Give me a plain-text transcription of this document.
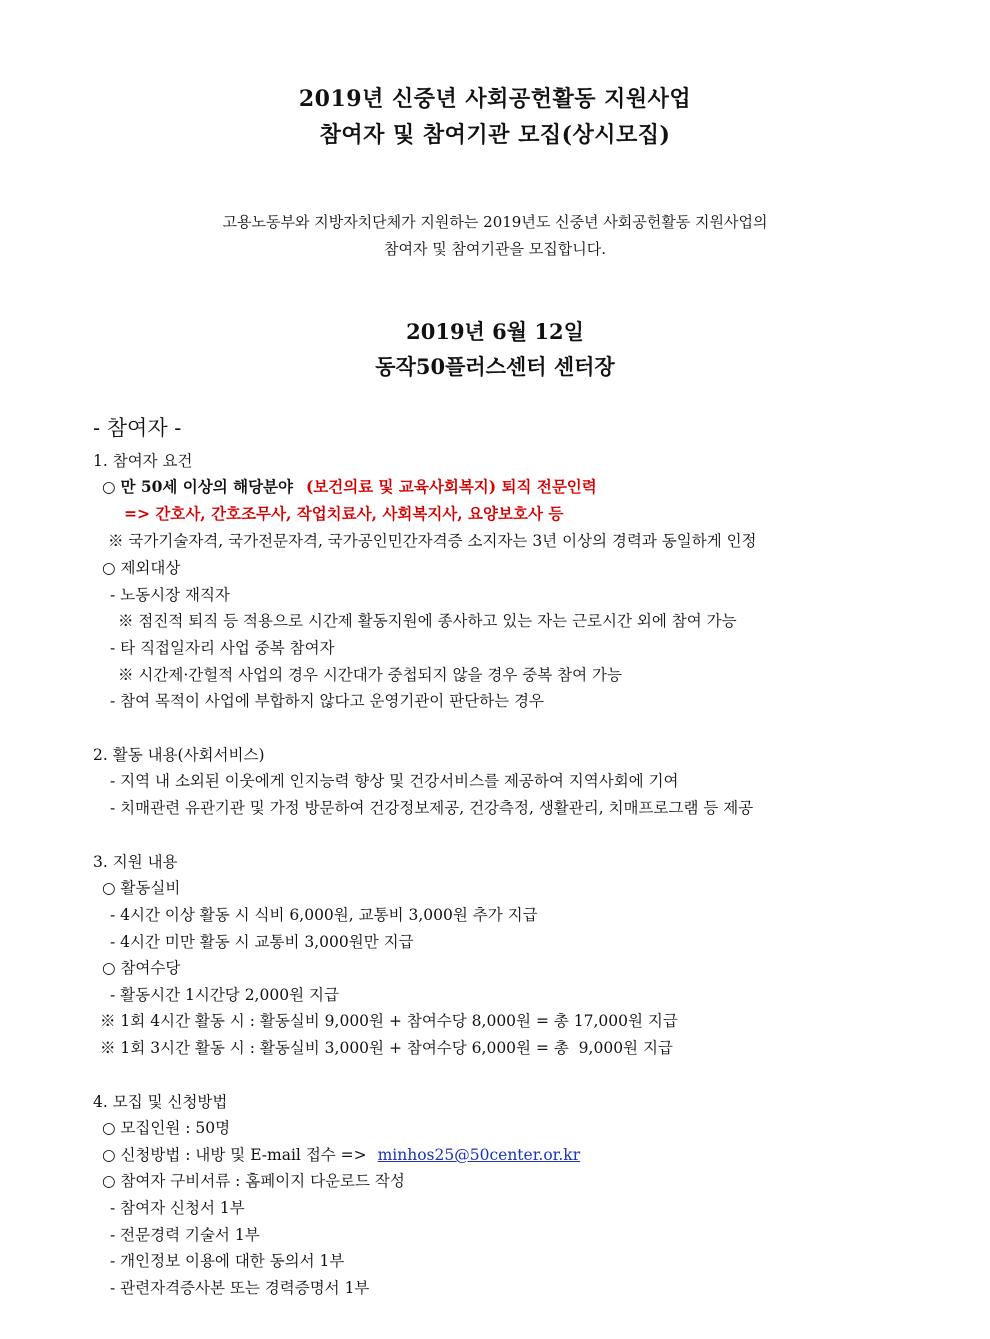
2019년 신중년 사회공헌활동 지원사업
참여자 및 참여기관 모집(상시모집)
고용노동부와 지방자치단체가 지원하는 2019년도 신중년 사회공헌활동 지원사업의
참여자 및 참여기관을 모집합니다.
2019년 6월 12일
동작50플러스센터 센터장
- 참여자 -
1. 참여자 요건
○ 만 50세 이상의 해당분야 (보건의료 및 교육사회복지) 퇴직 전문인력
=> 간호사, 간호조무사, 작업치료사, 사회복지사, 요양보호사 등
※ 국가기술자격, 국가전문자격, 국가공인민간자격증 소지자는 3년 이상의 경력과 동일하게 인정
○ 제외대상
- 노동시장 재직자
※ 점진적 퇴직 등 적용으로 시간제 활동지원에 종사하고 있는 자는 근로시간 외에 참여 가능
- 타 직접일자리 사업 중복 참여자
※ 시간제·간헐적 사업의 경우 시간대가 중첩되지 않을 경우 중복 참여 가능
- 참여 목적이 사업에 부합하지 않다고 운영기관이 판단하는 경우
2. 활동 내용(사회서비스)
- 지역 내 소외된 이웃에게 인지능력 향상 및 건강서비스를 제공하여 지역사회에 기여
- 치매관련 유관기관 및 가정 방문하여 건강정보제공, 건강측정, 생활관리, 치매프로그램 등 제공
3. 지원 내용
○ 활동실비
- 4시간 이상 활동 시 식비 6,000원, 교통비 3,000원 추가 지급
- 4시간 미만 활동 시 교통비 3,000원만 지급
○ 참여수당
- 활동시간 1시간당 2,000원 지급
※ 1회 4시간 활동 시 : 활동실비 9,000원 + 참여수당 8,000원 = 총 17,000원 지급
※ 1회 3시간 활동 시 : 활동실비 3,000원 + 참여수당 6,000원 = 총  9,000원 지급
4. 모집 및 신청방법
○ 모집인원 : 50명
○ 신청방법 : 내방 및 E-mail 접수 => minhos25@50center.or.kr
○ 참여자 구비서류 : 홈페이지 다운로드 작성
- 참여자 신청서 1부
- 전문경력 기술서 1부
- 개인정보 이용에 대한 동의서 1부
- 관련자격증사본 또는 경력증명서 1부
